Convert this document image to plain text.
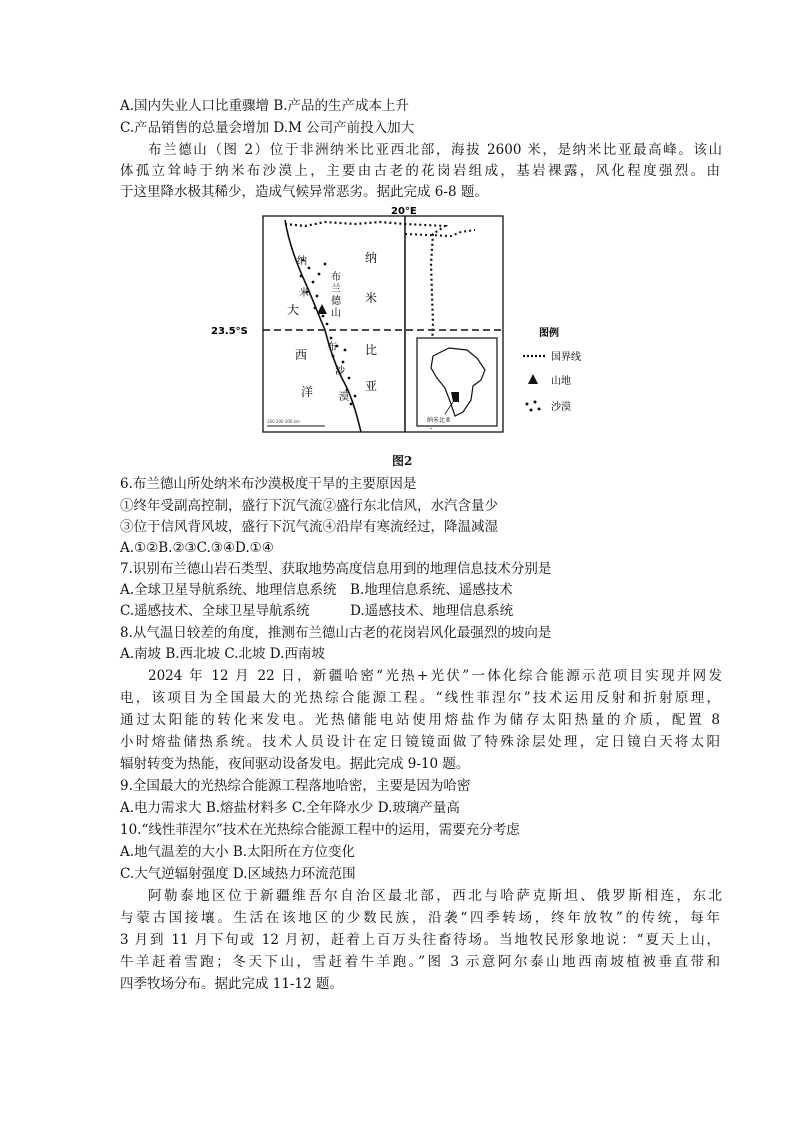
A.国内失业人口比重骤增 B.产品的生产成本上升
C.产品销售的总量会增加 D.M 公司产前投入加大
布兰德山（图 2）位于非洲纳米比亚西北部，海拔 2600 米，是纳米比亚最高峰。该山
体孤立耸峙于纳米布沙漠上，主要由古老的花岗岩组成，基岩裸露，风化程度强烈。由
于这里降水极其稀少，造成气候异常恶劣。据此完成 6-8 题。
20°E
23.5°S
大
西
洋
纳
米
比
亚
布
兰
德
山
纳
米
布
沙
漠
100 200 300 km	纳米比亚
图例
国界线
山地
沙漠
图2
6.布兰德山所处纳米布沙漠极度干旱的主要原因是
①终年受副高控制，盛行下沉气流②盛行东北信风，水汽含量少
③位于信风背风坡，盛行下沉气流④沿岸有寒流经过，降温减湿
A.①②B.②③C.③④D.①④
7.识别布兰德山岩石类型、获取地势高度信息用到的地理信息技术分别是
A.全球卫星导航系统、地理信息系统　B.地理信息系统、遥感技术
C.遥感技术、全球卫星导航系统　　　D.遥感技术、地理信息系统
8.从气温日较差的角度，推测布兰德山古老的花岗岩风化最强烈的坡向是
A.南坡 B.西北坡 C.北坡 D.西南坡
2024 年 12 月 22 日，新疆哈密“光热+光伏”一体化综合能源示范项目实现并网发
电，该项目为全国最大的光热综合能源工程。“线性菲涅尔”技术运用反射和折射原理，
通过太阳能的转化来发电。光热储能电站使用熔盐作为储存太阳热量的介质，配置 8
小时熔盐储热系统。技术人员设计在定日镜镜面做了特殊涂层处理，定日镜白天将太阳
辐射转变为热能，夜间驱动设备发电。据此完成 9-10 题。
9.全国最大的光热综合能源工程落地哈密，主要是因为哈密
A.电力需求大 B.熔盐材料多 C.全年降水少 D.玻璃产量高
10.“线性菲涅尔”技术在光热综合能源工程中的运用，需要充分考虑
A.地气温差的大小 B.太阳所在方位变化
C.大气逆辐射强度 D.区域热力环流范围
阿勒泰地区位于新疆维吾尔自治区最北部，西北与哈萨克斯坦、俄罗斯相连，东北
与蒙古国接壤。生活在该地区的少数民族，沿袭“四季转场，终年放牧”的传统，每年
3 月到 11 月下旬或 12 月初，赶着上百万头往畜待场。当地牧民形象地说：“夏天上山，
牛羊赶着雪跑；冬天下山，雪赶着牛羊跑。”图 3 示意阿尔泰山地西南坡植被垂直带和
四季牧场分布。据此完成 11-12 题。
